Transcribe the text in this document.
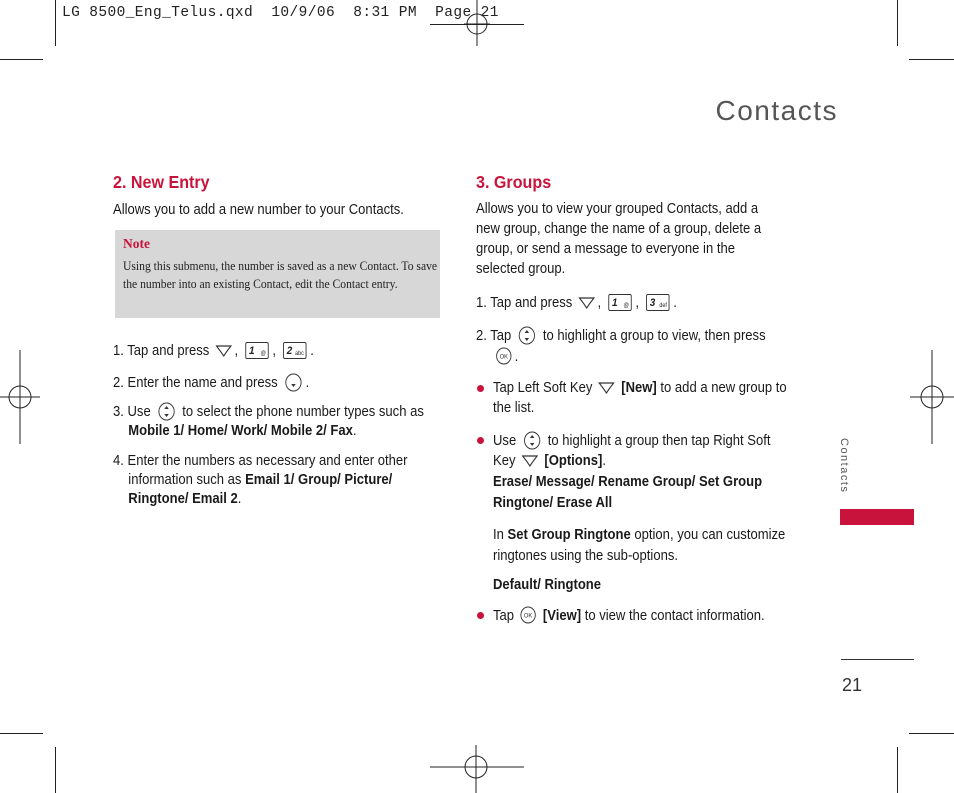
LG 8500_Eng_Telus.qxd  10/9/06  8:31 PM  Page 21
Contacts
2. New Entry
Allows you to add a new number to your Contacts.
Note
Using this submenu, the number is saved as a new Contact. To save the number into an existing Contact, edit the Contact entry.
1. Tap and press , 1 @ , 2 abc .
2. Enter the name and press .
3. Use to select the phone number types such as
Mobile 1/ Home/ Work/ Mobile 2/ Fax.
4. Enter the numbers as necessary and enter other
information such as Email 1/ Group/ Picture/
Ringtone/ Email 2.
3. Groups
Allows you to view your grouped Contacts, add a
new group, change the name of a group, delete a
group, or send a message to everyone in the
selected group.
1. Tap and press , 1 @ , 3 def .
2. Tap to highlight a group to view, then press
OK .
Tap Left Soft Key [New] to add a new group to
the list.
Use to highlight a group then tap Right Soft
Key [Options].
Erase/ Message/ Rename Group/ Set Group
Ringtone/ Erase All
In Set Group Ringtone option, you can customize
ringtones using the sub-options.
Default/ Ringtone
Tap OK [View] to view the contact information.
Contacts
21
